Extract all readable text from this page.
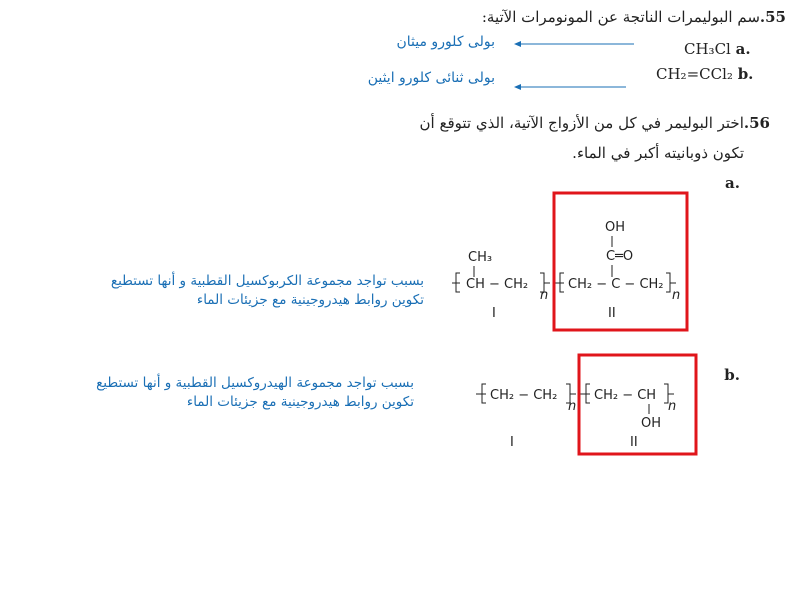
55.سم البوليمرات الناتجة عن المونومرات الآتية:
CH₃Cl a.
CH₂=CCl₂ b.
بولى كلورو ميثان
بولى ثنائى كلورو ايثين
56.اختر البوليمر في كل من الأزواج الآتية، الذي تتوقع أن
تكون ذوبانيته أكبر في الماء.
.a
.b
بسبب تواجد مجموعة الكربوكسيل القطبية و أنها تستطيع
تكوين روابط هيدروجينية مع جزيئات الماء
بسبب تواجد مجموعة الهيدروكسيل القطبية و أنها تستطيع
تكوين روابط هيدروجينية مع جزيئات الماء
CH₃
CH − CH₂
n
I
OH
C═O
CH₂ − C − CH₂
n
II
CH₂ − CH₂
n
I
CH₂ − CH
n
OH
II
